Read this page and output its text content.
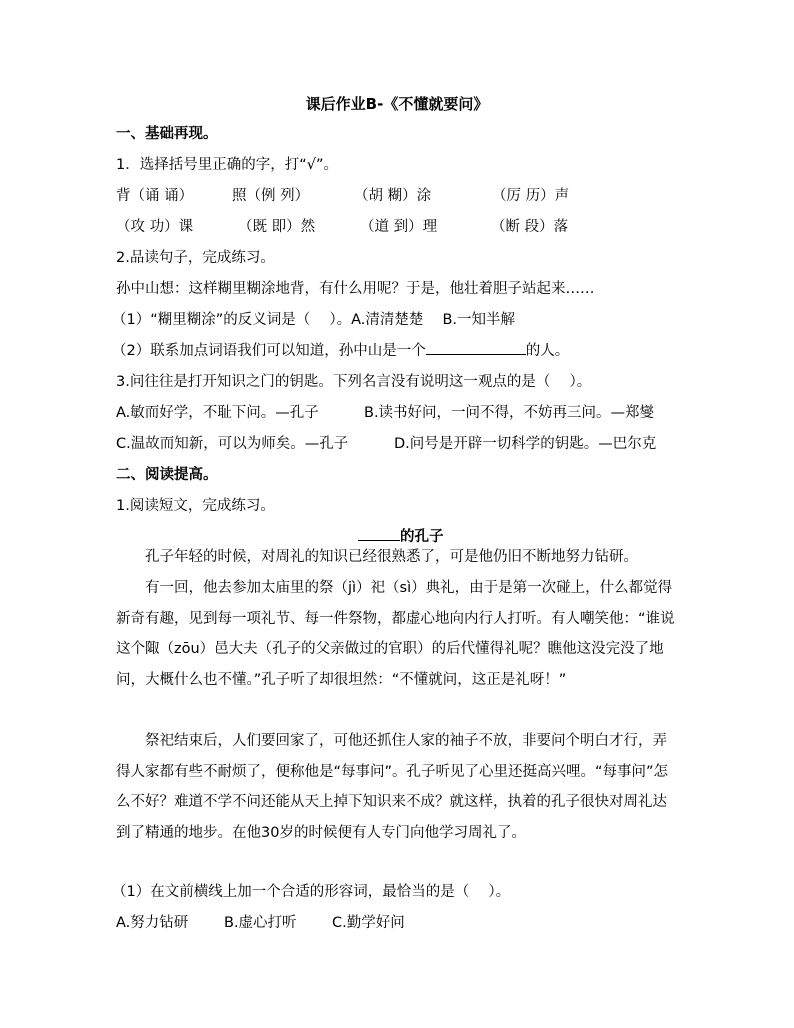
课后作业B-《不懂就要问》
一、基础再现。
1．选择括号里正确的字，打“√”。
背（诵 诵）	照（例 列）	（胡 糊）涂	（厉 历）声
（攻 功）课	（既 即）然	（道 到）理	（断 段）落
2.品读句子，完成练习。
孙中山想：这样糊里糊涂地背，有什么用呢？于是，他壮着胆子站起来……
（1）“糊里糊涂”的反义词是（　 ）。A.清清楚楚　 B.一知半解
（2）联系加点词语我们可以知道，孙中山是一个	的人。
3.问往往是打开知识之门的钥匙。下列名言没有说明这一观点的是（　 ）。
A.敏而好学，不耻下问。—孔子	B.读书好问，一问不得，不妨再三问。—郑燮
C.温故而知新，可以为师矣。—孔子	D.问号是开辟一切科学的钥匙。—巴尔克
二、阅读提高。
1.阅读短文，完成练习。
的孔子
孔子年轻的时候，对周礼的知识已经很熟悉了，可是他仍旧不断地努力钻研。
有一回，他去参加太庙里的祭（jì）祀（sì）典礼，由于是第一次碰上，什么都觉得新奇有趣，见到每一项礼节、每一件祭物，都虚心地向内行人打听。有人嘲笑他：“谁说这个陬（zōu）邑大夫（孔子的父亲做过的官职）的后代懂得礼呢？瞧他这没完没了地问，大概什么也不懂。”孔子听了却很坦然：“不懂就问，这正是礼呀！”
祭祀结束后，人们要回家了，可他还抓住人家的袖子不放，非要问个明白才行，弄得人家都有些不耐烦了，便称他是“每事问”。孔子听见了心里还挺高兴哩。“每事问”怎么不好？难道不学不问还能从天上掉下知识来不成？就这样，执着的孔子很快对周礼达到了精通的地步。在他30岁的时候便有人专门向他学习周礼了。
（1）在文前横线上加一个合适的形容词，最恰当的是（　 ）。
A.努力钻研 B.虚心打听 C.勤学好问
